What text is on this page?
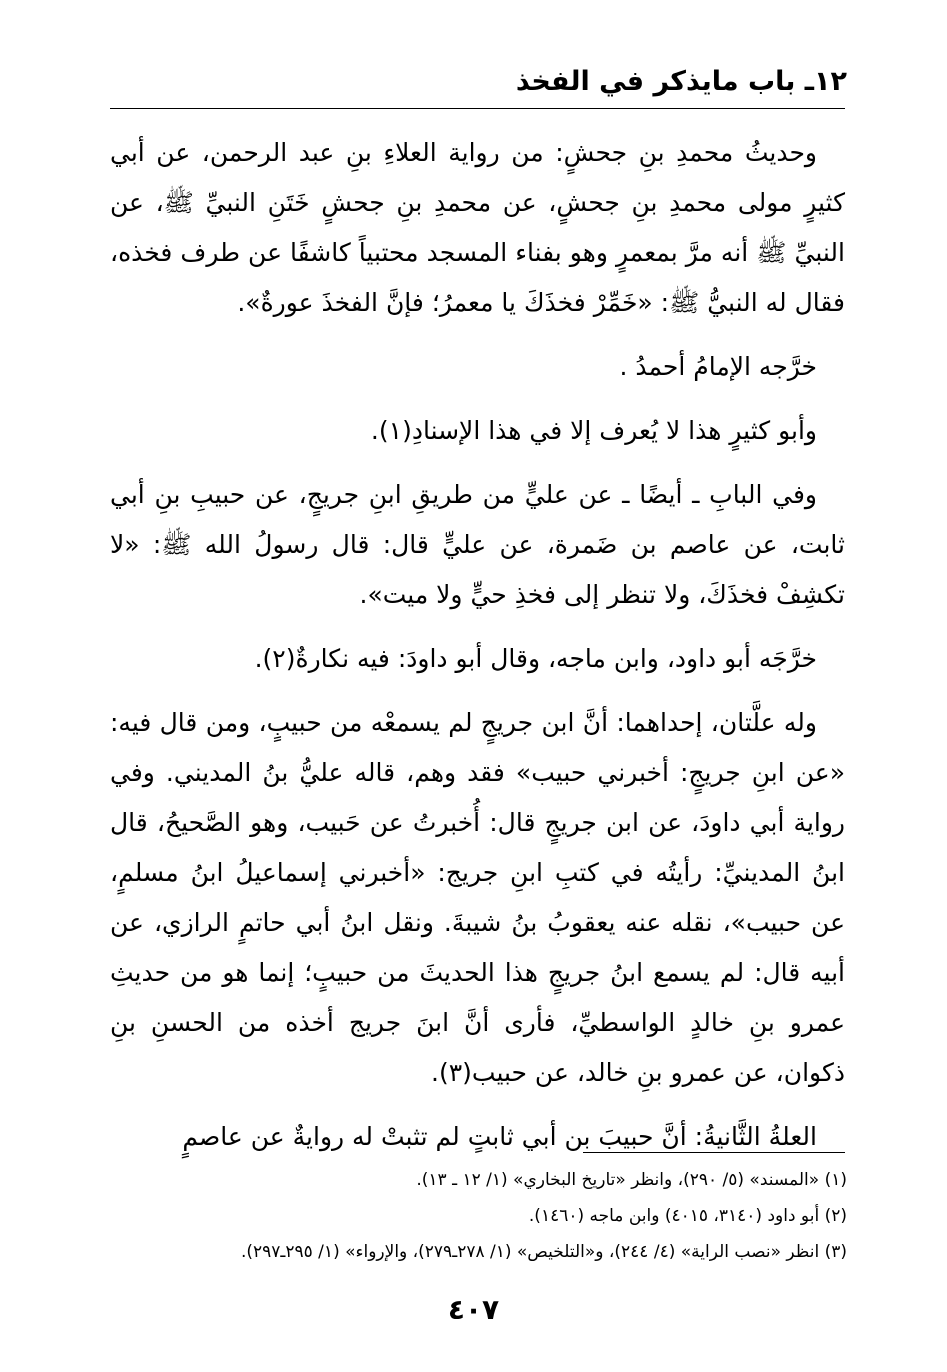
١٢ـ باب مايذكر في الفخذ

وحديثُ محمدِ بنِ جحشٍ: من رواية العلاءِ بنِ عبد الرحمن، عن أبي كثيرٍ مولى محمدِ بنِ جحشٍ، عن محمدِ بنِ جحشٍ خَتَنِ النبيِّ ﷺ، عن النبيِّ ﷺ أنه مرَّ بمعمرٍ وهو بفناء المسجد محتبياً كاشفًا عن طرف فخذه، فقال له النبيُّ ﷺ: «خَمِّرْ فخذَكَ يا معمرُ؛ فإنَّ الفخذَ عورةٌ».

خرَّجه الإمامُ أحمدُ .

وأبو كثيرٍ هذا لا يُعرف إلا في هذا الإسنادِ(١).

وفي البابِ ـ أيضًا ـ عن عليٍّ من طريقِ ابنِ جريجٍ، عن حبيبِ بنِ أبي ثابت، عن عاصم بن ضَمرة، عن عليٍّ قال: قال رسولُ الله ﷺ: «لا تكشِفْ فخذَكَ، ولا تنظر إلى فخذِ حيٍّ ولا ميت».

خرَّجَه أبو داود، وابن ماجه، وقال أبو داودَ: فيه نكارةٌ(٢).

وله علَّتان، إحداهما: أنَّ ابن جريجٍ لم يسمعْه من حبيبٍ، ومن قال فيه: «عن ابنِ جريجٍ: أخبرني حبيب» فقد وهم، قاله عليُّ بنُ المديني. وفي رواية أبي داودَ، عن ابن جريجٍ قال: أُخبرتُ عن حَبيب، وهو الصَّحيحُ، قال ابنُ المدينيِّ: رأيتُه في كتبِ ابنِ جريج: «أخبرني إسماعيلُ ابنُ مسلمٍ، عن حبيب»، نقله عنه يعقوبُ بنُ شيبةَ. ونقل ابنُ أبي حاتمٍ الرازي، عن أبيه قال: لم يسمع ابنُ جريجٍ هذا الحديثَ من حبيبٍ؛ إنما هو من حديثِ عمرو بنِ خالدٍ الواسطيِّ، فأرى أنَّ ابنَ جريج أخذه من الحسنِ بنِ ذكوان، عن عمرو بنِ خالد، عن حبيب(٣).

العلةُ الثَّانيةُ: أنَّ حبيبَ بن أبي ثابتٍ لم تثبتْ له روايةٌ عن عاصمٍ

(١) «المسند» (٥/ ٢٩٠)، وانظر «تاريخ البخاري» (١/ ١٢ ـ ١٣).

(٢) أبو داود (٣١٤٠، ٤٠١٥) وابن ماجه (١٤٦٠).

(٣) انظر «نصب الراية» (٤/ ٢٤٤)، و«التلخيص» (١/ ٢٧٨ـ٢٧٩)، والإرواء» (١/ ٢٩٥ـ٢٩٧).

٤٠٧
